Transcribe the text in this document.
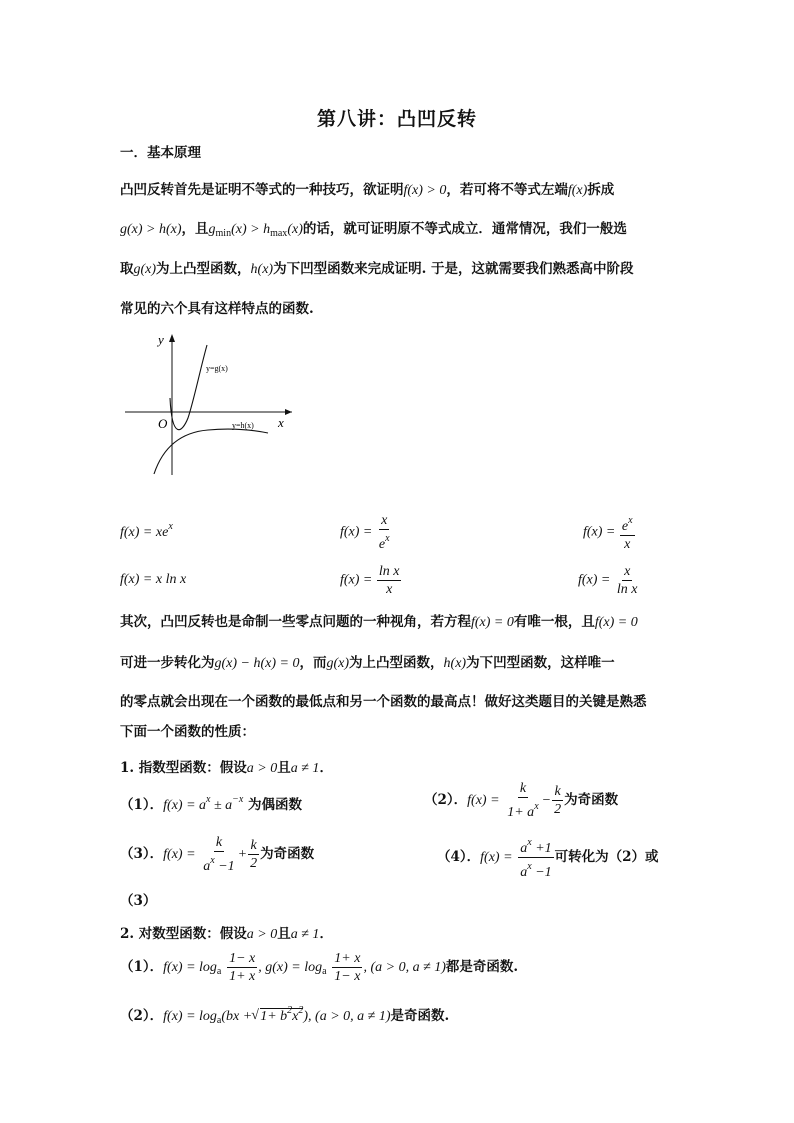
第八讲：凸凹反转
一．基本原理
凸凹反转首先是证明不等式的一种技巧，欲证明f(x) > 0，若可将不等式左端f(x)拆成
g(x) > h(x)，且$g_{min}(x) > h_{max}(x)$的话，就可证明原不等式成立．通常情况，我们一般选
取g(x)为上凸型函数，h(x)为下凹型函数来完成证明. 于是，这就需要我们熟悉高中阶段
常见的六个具有这样特点的函数.
y
x
O
y=g(x)
y=h(x)
$f(x) = xe^x$	$f(x) = \frac{x}{e^x}$	$f(x) = \frac{e^x}{x}$
f(x) = x ln x	$f(x) = \frac{\text{ln x}}{x}$	$f(x) = \frac{x}{\text{ln x}}$
其次，凸凹反转也是命制一些零点问题的一种视角，若方程f(x) = 0有唯一根，且f(x) = 0
可进一步转化为g(x) − h(x) = 0，而g(x)为上凸型函数，h(x)为下凹型函数，这样唯一
的零点就会出现在一个函数的最低点和另一个函数的最高点！做好这类题目的关键是熟悉
下面一个函数的性质：
1. 指数型函数：假设a > 0且a ≠ 1．
（1）．$f(x) = a^x \pm a^{-x}$ 为偶函数	（2）．$f(x) = \frac{k}{1+ a^x} - \frac{k}{2}$ 为奇函数
（3）．$f(x) = \frac{k}{a^x -1} + \frac{k}{2}$ 为奇函数	（4）．$f(x) = \frac{a^x +1}{a^x -1}$ 可转化为（2）或
（3）
2. 对数型函数：假设a > 0且a ≠ 1．
（1）．$f(x) = \log_a \frac{1- x}{1+ x}$ , $g(x) = \log_a \frac{1+ x}{1- x}$ , (a > 0, a ≠ 1)都是奇函数.
（2）．$f(x) = \log_a(bx$ + √ $1+ b^2x^2$), (a > 0, a ≠ 1)是奇函数.
